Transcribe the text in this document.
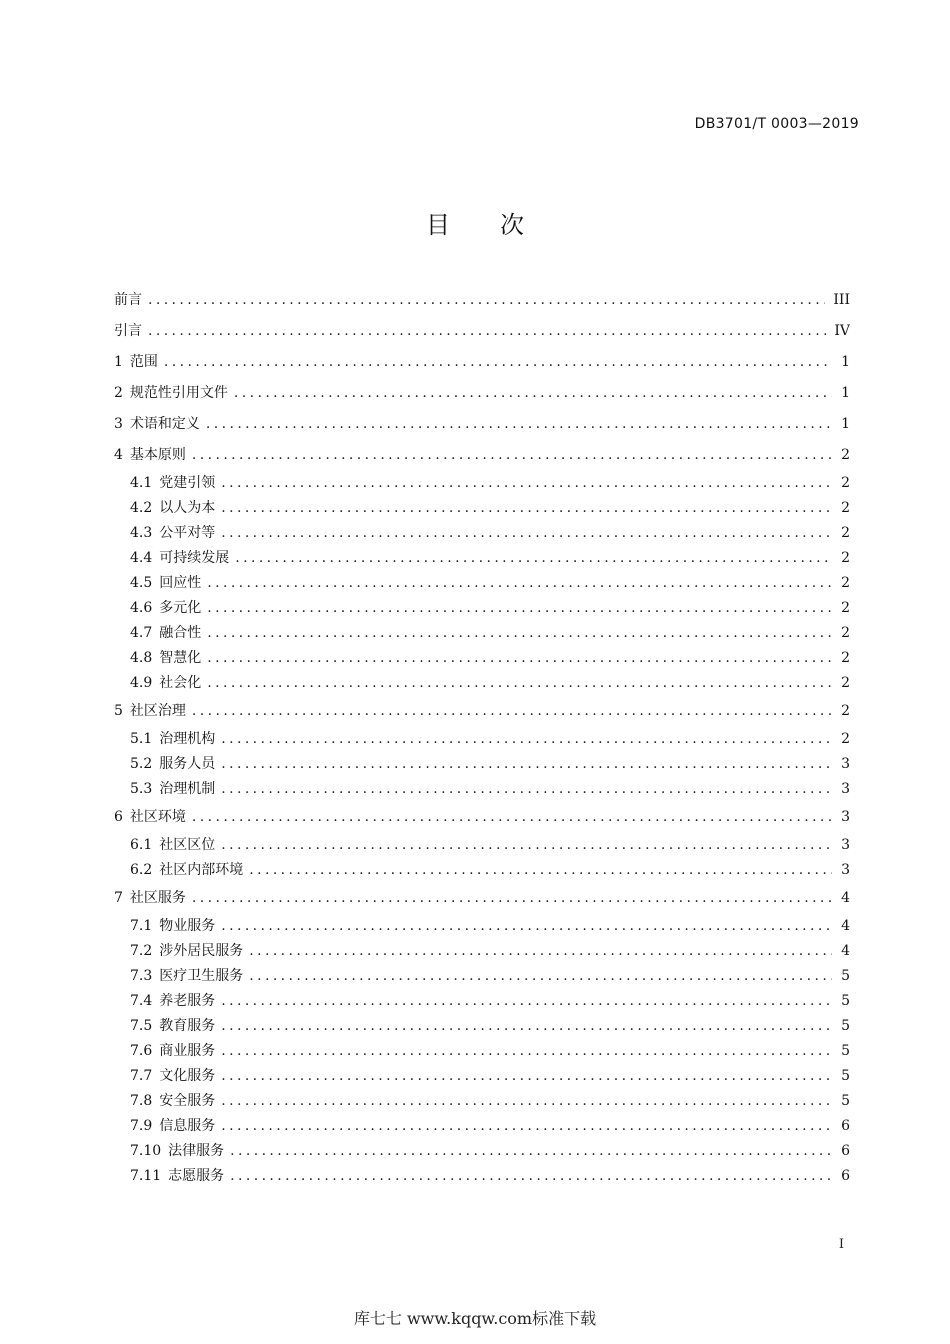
DB3701/T 0003—2019
目 次
前言 .....	III
引言 .....	IV
1 范围 .....	1
2 规范性引用文件 .....	1
3 术语和定义 .....	1
4 基本原则 .....	2
4.1 党建引领 .....	2
4.2 以人为本 .....	2
4.3 公平对等 .....	2
4.4 可持续发展 .....	2
4.5 回应性 .....	2
4.6 多元化 .....	2
4.7 融合性 .....	2
4.8 智慧化 .....	2
4.9 社会化 .....	2
5 社区治理 .....	2
5.1 治理机构 .....	2
5.2 服务人员 .....	3
5.3 治理机制 .....	3
6 社区环境 .....	3
6.1 社区区位 .....	3
6.2 社区内部环境 .....	3
7 社区服务 .....	4
7.1 物业服务 .....	4
7.2 涉外居民服务 .....	4
7.3 医疗卫生服务 .....	5
7.4 养老服务 .....	5
7.5 教育服务 .....	5
7.6 商业服务 .....	5
7.7 文化服务 .....	5
7.8 安全服务 .....	5
7.9 信息服务 .....	6
7.10 法律服务 .....	6
7.11 志愿服务 .....	6
I
库七七 www.kqqw.com标准下载
